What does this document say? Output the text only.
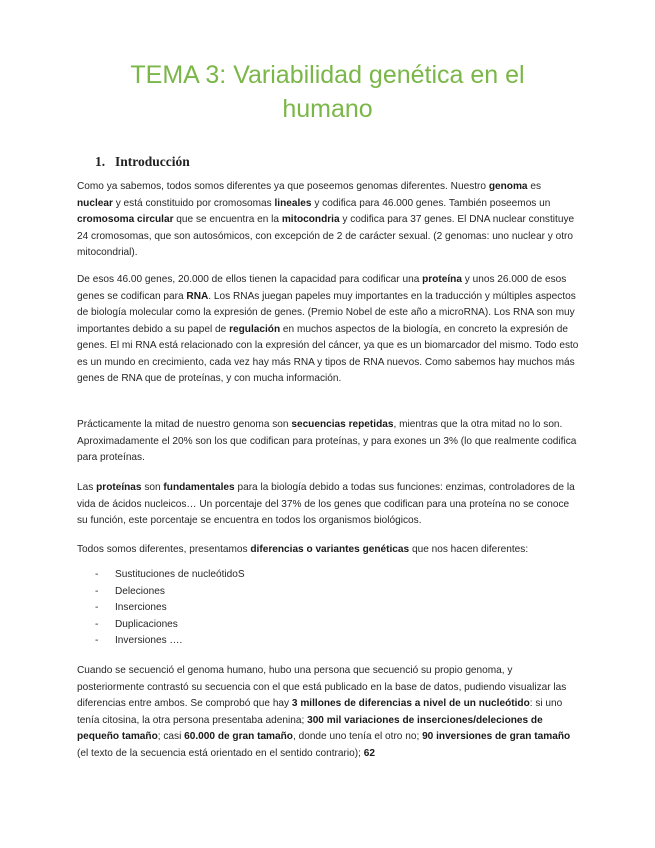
TEMA 3: Variabilidad genética en el
humano
1. Introducción

Como ya sabemos, todos somos diferentes ya que poseemos genomas diferentes. Nuestro genoma es nuclear y está constituido por cromosomas lineales y codifica para 46.000 genes. También poseemos un cromosoma circular que se encuentra en la mitocondria y codifica para 37 genes. El DNA nuclear constituye 24 cromosomas, que son autosómicos, con excepción de 2 de carácter sexual. (2 genomas: uno nuclear y otro mitocondrial).

De esos 46.00 genes, 20.000 de ellos tienen la capacidad para codificar una proteína y unos 26.000 de esos genes se codifican para RNA. Los RNAs juegan papeles muy importantes en la traducción y múltiples aspectos de biología molecular como la expresión de genes. (Premio Nobel de este año a microRNA). Los RNA son muy importantes debido a su papel de regulación en muchos aspectos de la biología, en concreto la expresión de genes. El mi RNA está relacionado con la expresión del cáncer, ya que es un biomarcador del mismo. Todo esto es un mundo en crecimiento, cada vez hay más RNA y tipos de RNA nuevos. Como sabemos hay muchos más genes de RNA que de proteínas, y con mucha información.

Prácticamente la mitad de nuestro genoma son secuencias repetidas, mientras que la otra mitad no lo son. Aproximadamente el 20% son los que codifican para proteínas, y para exones un 3% (lo que realmente codifica para proteínas.

Las proteínas son fundamentales para la biología debido a todas sus funciones: enzimas, controladores de la vida de ácidos nucleicos… Un porcentaje del 37% de los genes que codifican para una proteína no se conoce su función, este porcentaje se encuentra en todos los organismos biológicos.

Todos somos diferentes, presentamos diferencias o variantes genéticas que nos hacen diferentes:

-	Sustituciones de nucleótidoS
-	Deleciones
-	Inserciones
-	Duplicaciones
-	Inversiones ….

Cuando se secuenció el genoma humano, hubo una persona que secuenció su propio genoma, y posteriormente contrastó su secuencia con el que está publicado en la base de datos, pudiendo visualizar las diferencias entre ambos. Se comprobó que hay 3 millones de diferencias a nivel de un nucleótido: si uno tenía citosina, la otra persona presentaba adenina; 300 mil variaciones de inserciones/deleciones de pequeño tamaño; casi 60.000 de gran tamaño, donde uno tenía el otro no; 90 inversiones de gran tamaño (el texto de la secuencia está orientado en el sentido contrario); 62
